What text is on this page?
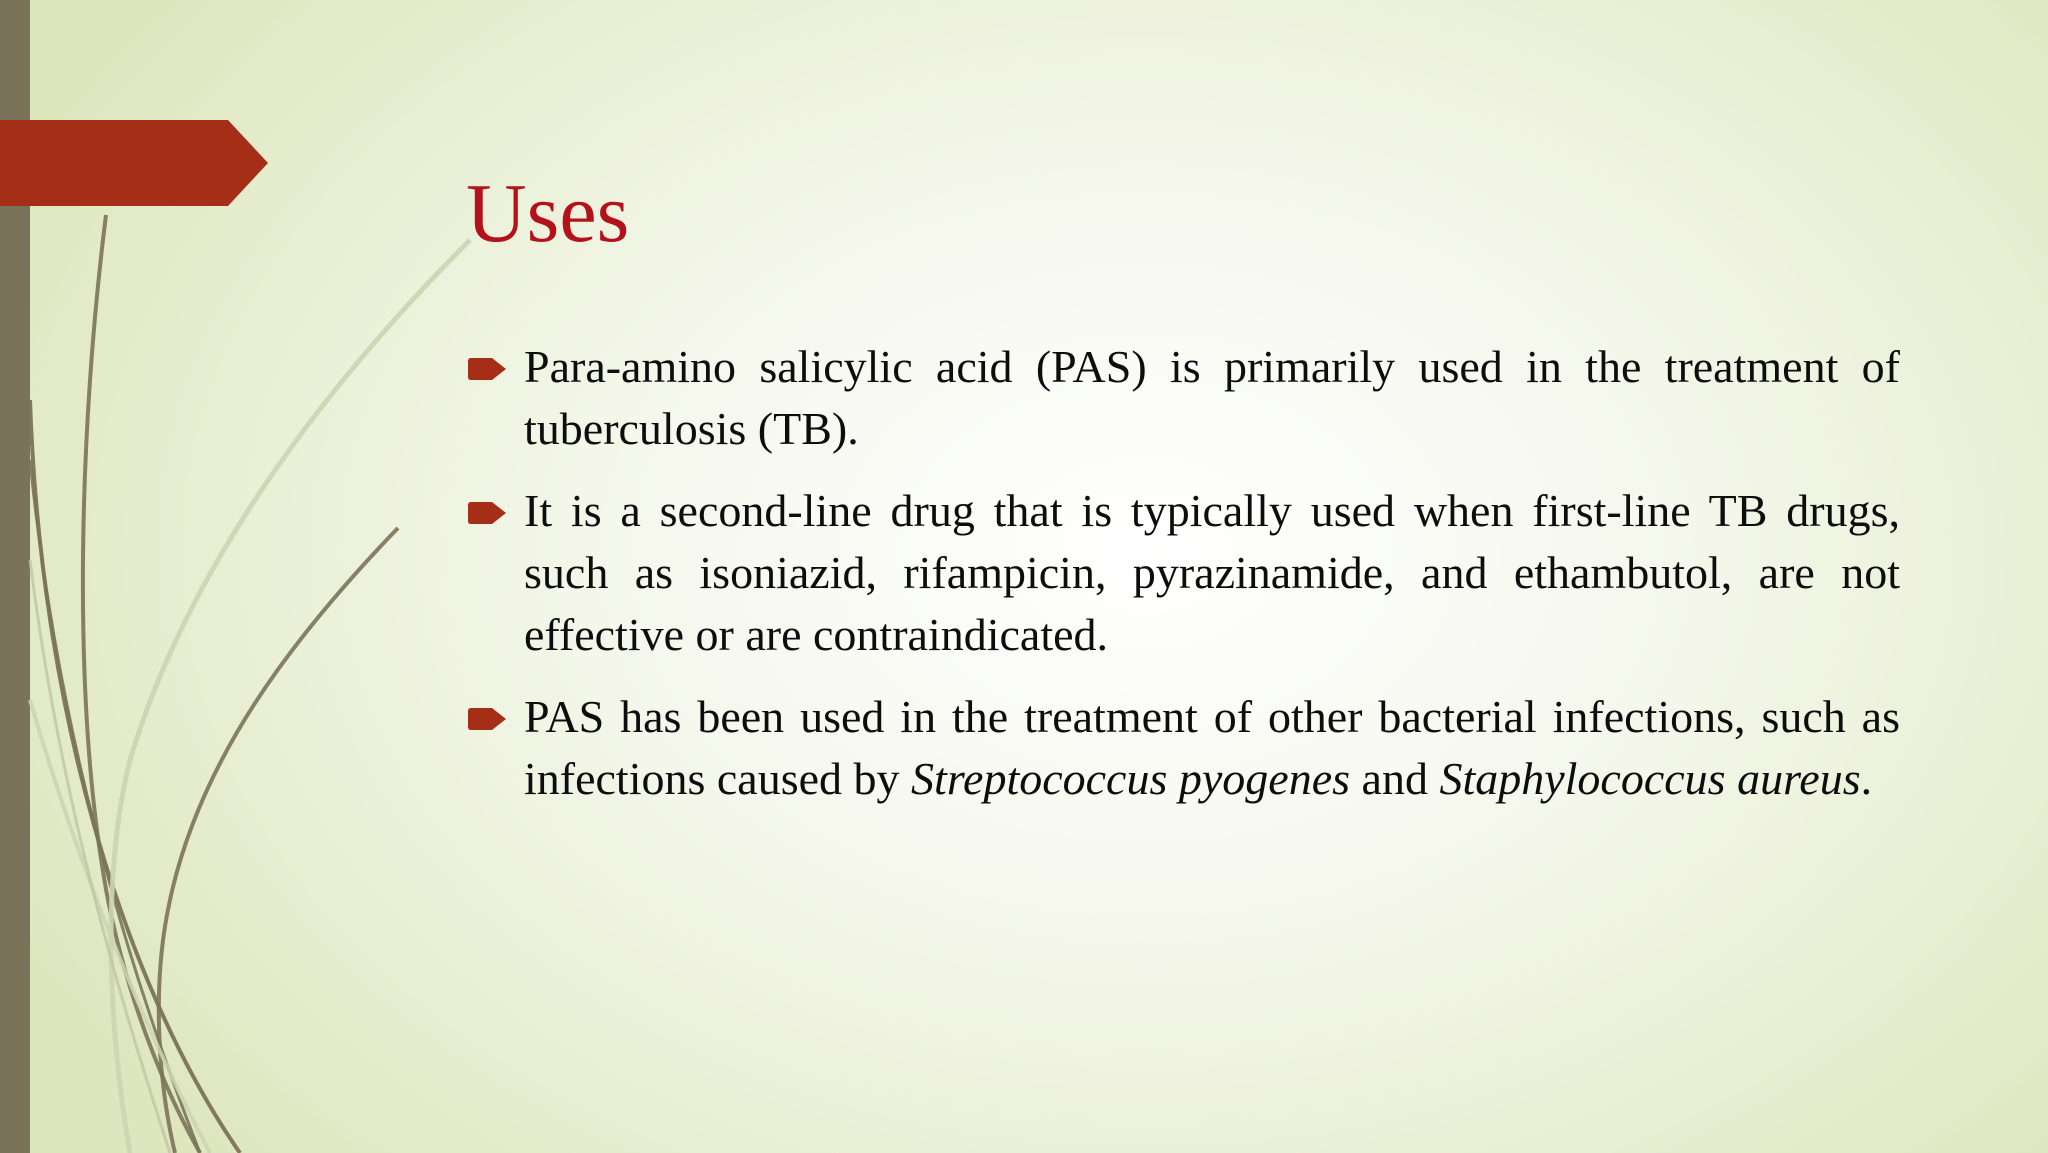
Uses
Para-amino salicylic acid (PAS) is primarily used in the treatment of tuberculosis (TB).
It is a second-line drug that is typically used when first-line TB drugs, such as isoniazid, rifampicin, pyrazinamide, and ethambutol, are not effective or are contraindicated.
PAS has been used in the treatment of other bacterial infections, such as infections caused by Streptococcus pyogenes and Staphylococcus aureus.
